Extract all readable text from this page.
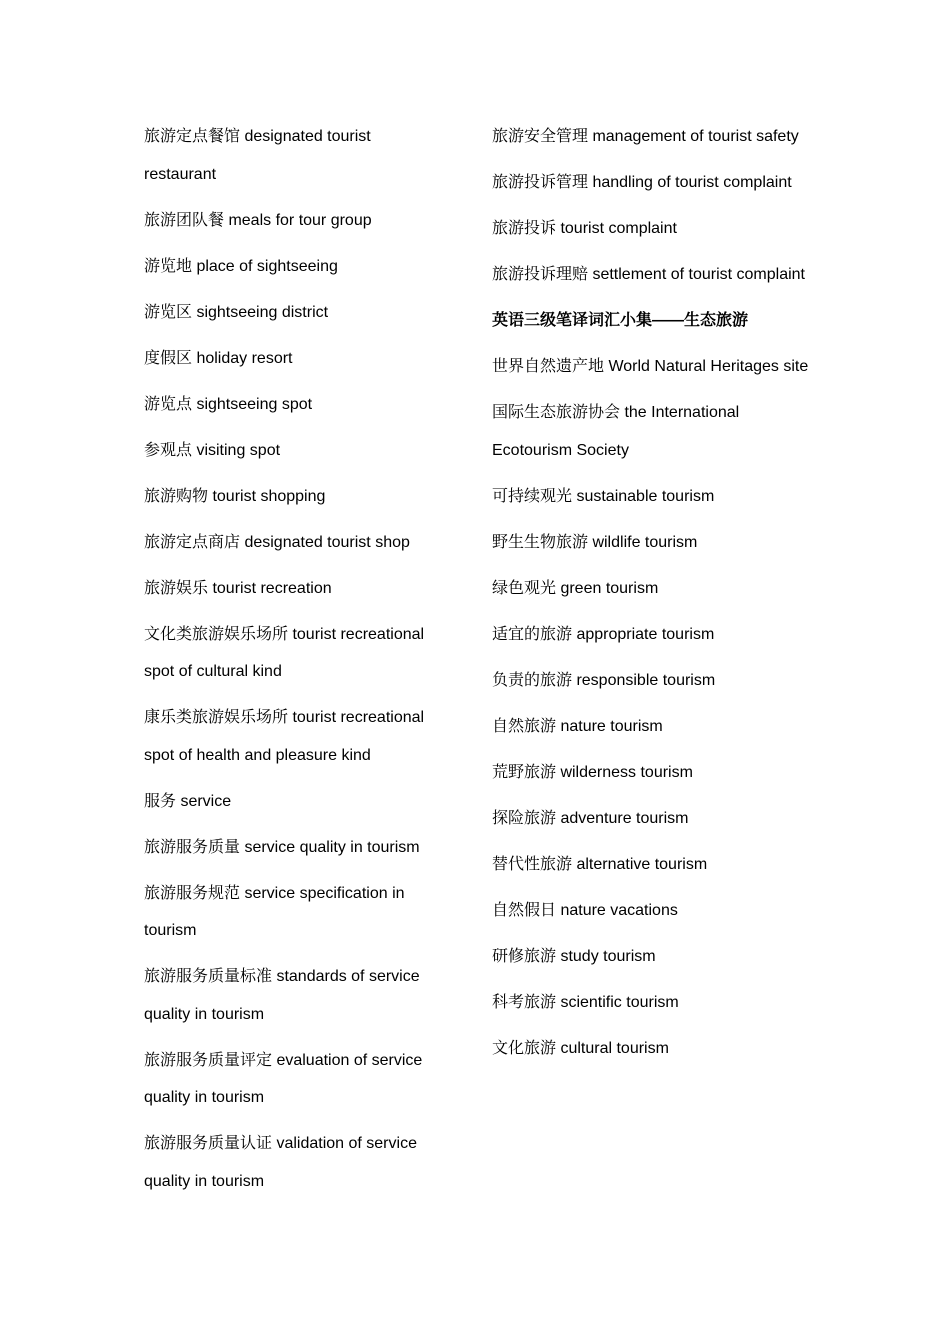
旅游定点餐馆 designated tourist restaurant

旅游团队餐 meals for tour group

游览地 place of sightseeing

游览区 sightseeing district

度假区 holiday resort

游览点 sightseeing spot

参观点 visiting spot

旅游购物 tourist shopping

旅游定点商店 designated tourist shop

旅游娱乐 tourist recreation

文化类旅游娱乐场所 tourist recreational spot of cultural kind

康乐类旅游娱乐场所 tourist recreational spot of health and pleasure kind

服务 service

旅游服务质量 service quality in tourism

旅游服务规范 service specification in tourism

旅游服务质量标准 standards of service quality in tourism

旅游服务质量评定 evaluation of service quality in tourism

旅游服务质量认证 validation of service quality in tourism

旅游安全管理 management of tourist safety

旅游投诉管理 handling of tourist complaint

旅游投诉 tourist complaint

旅游投诉理赔 settlement of tourist complaint

英语三级笔译词汇小集——生态旅游

世界自然遗产地 World Natural Heritages site

国际生态旅游协会 the International Ecotourism Society

可持续观光 sustainable tourism

野生生物旅游 wildlife tourism

绿色观光 green tourism

适宜的旅游 appropriate tourism

负责的旅游 responsible tourism

自然旅游 nature tourism

荒野旅游 wilderness tourism

探险旅游 adventure tourism

替代性旅游 alternative tourism

自然假日 nature vacations

研修旅游 study tourism

科考旅游 scientific tourism

文化旅游 cultural tourism
